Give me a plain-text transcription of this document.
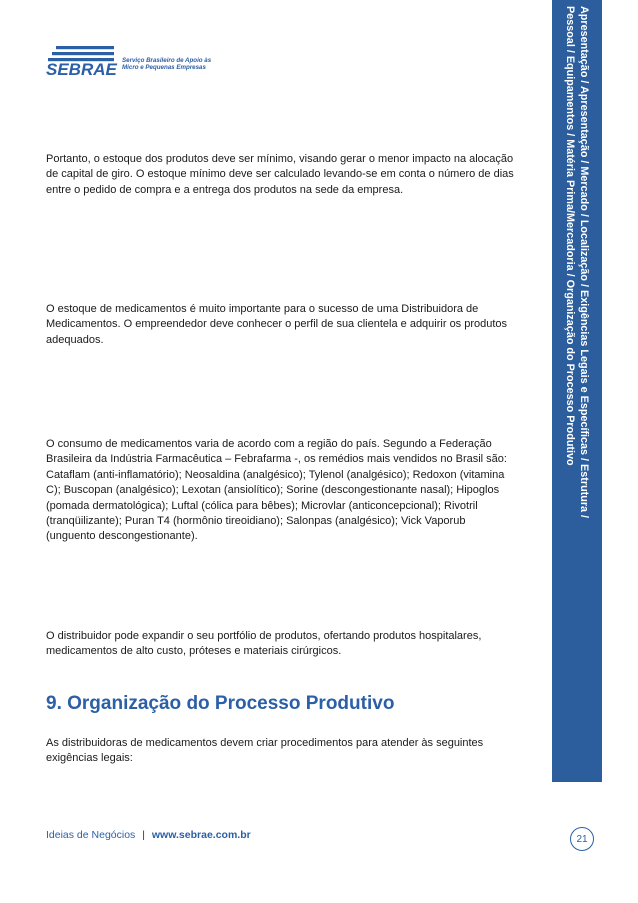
SEBRAE Serviço Brasileiro de Apoio às
Micro e Pequenas Empresas

Portanto, o estoque dos produtos deve ser mínimo, visando gerar o menor impacto na alocação de capital de giro. O estoque mínimo deve ser calculado levando-se em conta o número de dias entre o pedido de compra e a entrega dos produtos na sede da empresa.

O estoque de medicamentos é muito importante para o sucesso de uma Distribuidora de Medicamentos. O empreendedor deve conhecer o perfil de sua clientela e adquirir os produtos adequados.

O consumo de medicamentos varia de acordo com a região do país. Segundo a Federação Brasileira da Indústria Farmacêutica – Febrafarma -, os remédios mais vendidos no Brasil são: Cataflam (anti-inflamatório); Neosaldina (analgésico); Tylenol (analgésico); Redoxon (vitamina C); Buscopan (analgésico); Lexotan (ansiolítico); Sorine (descongestionante nasal); Hipoglos (pomada dermatológica); Luftal (cólica para bêbes); Microvlar (anticoncepcional); Rivotril (tranqüilizante); Puran T4 (hormônio tireoidiano); Salonpas (analgésico); Vick Vaporub (unguento descongestionante).

O distribuidor pode expandir o seu portfólio de produtos, ofertando produtos hospitalares, medicamentos de alto custo, próteses e materiais cirúrgicos.

9. Organização do Processo Produtivo

As distribuidoras de medicamentos devem criar procedimentos para atender às seguintes exigências legais:

Apresentação / Apresentação / Mercado / Localização / Exigências Legais e Específicas / Estrutura /
Pessoal / Equipamentos / Matéria Prima/Mercadoria / Organização do Processo Produtivo
Ideias de Negócios | www.sebrae.com.br	21
